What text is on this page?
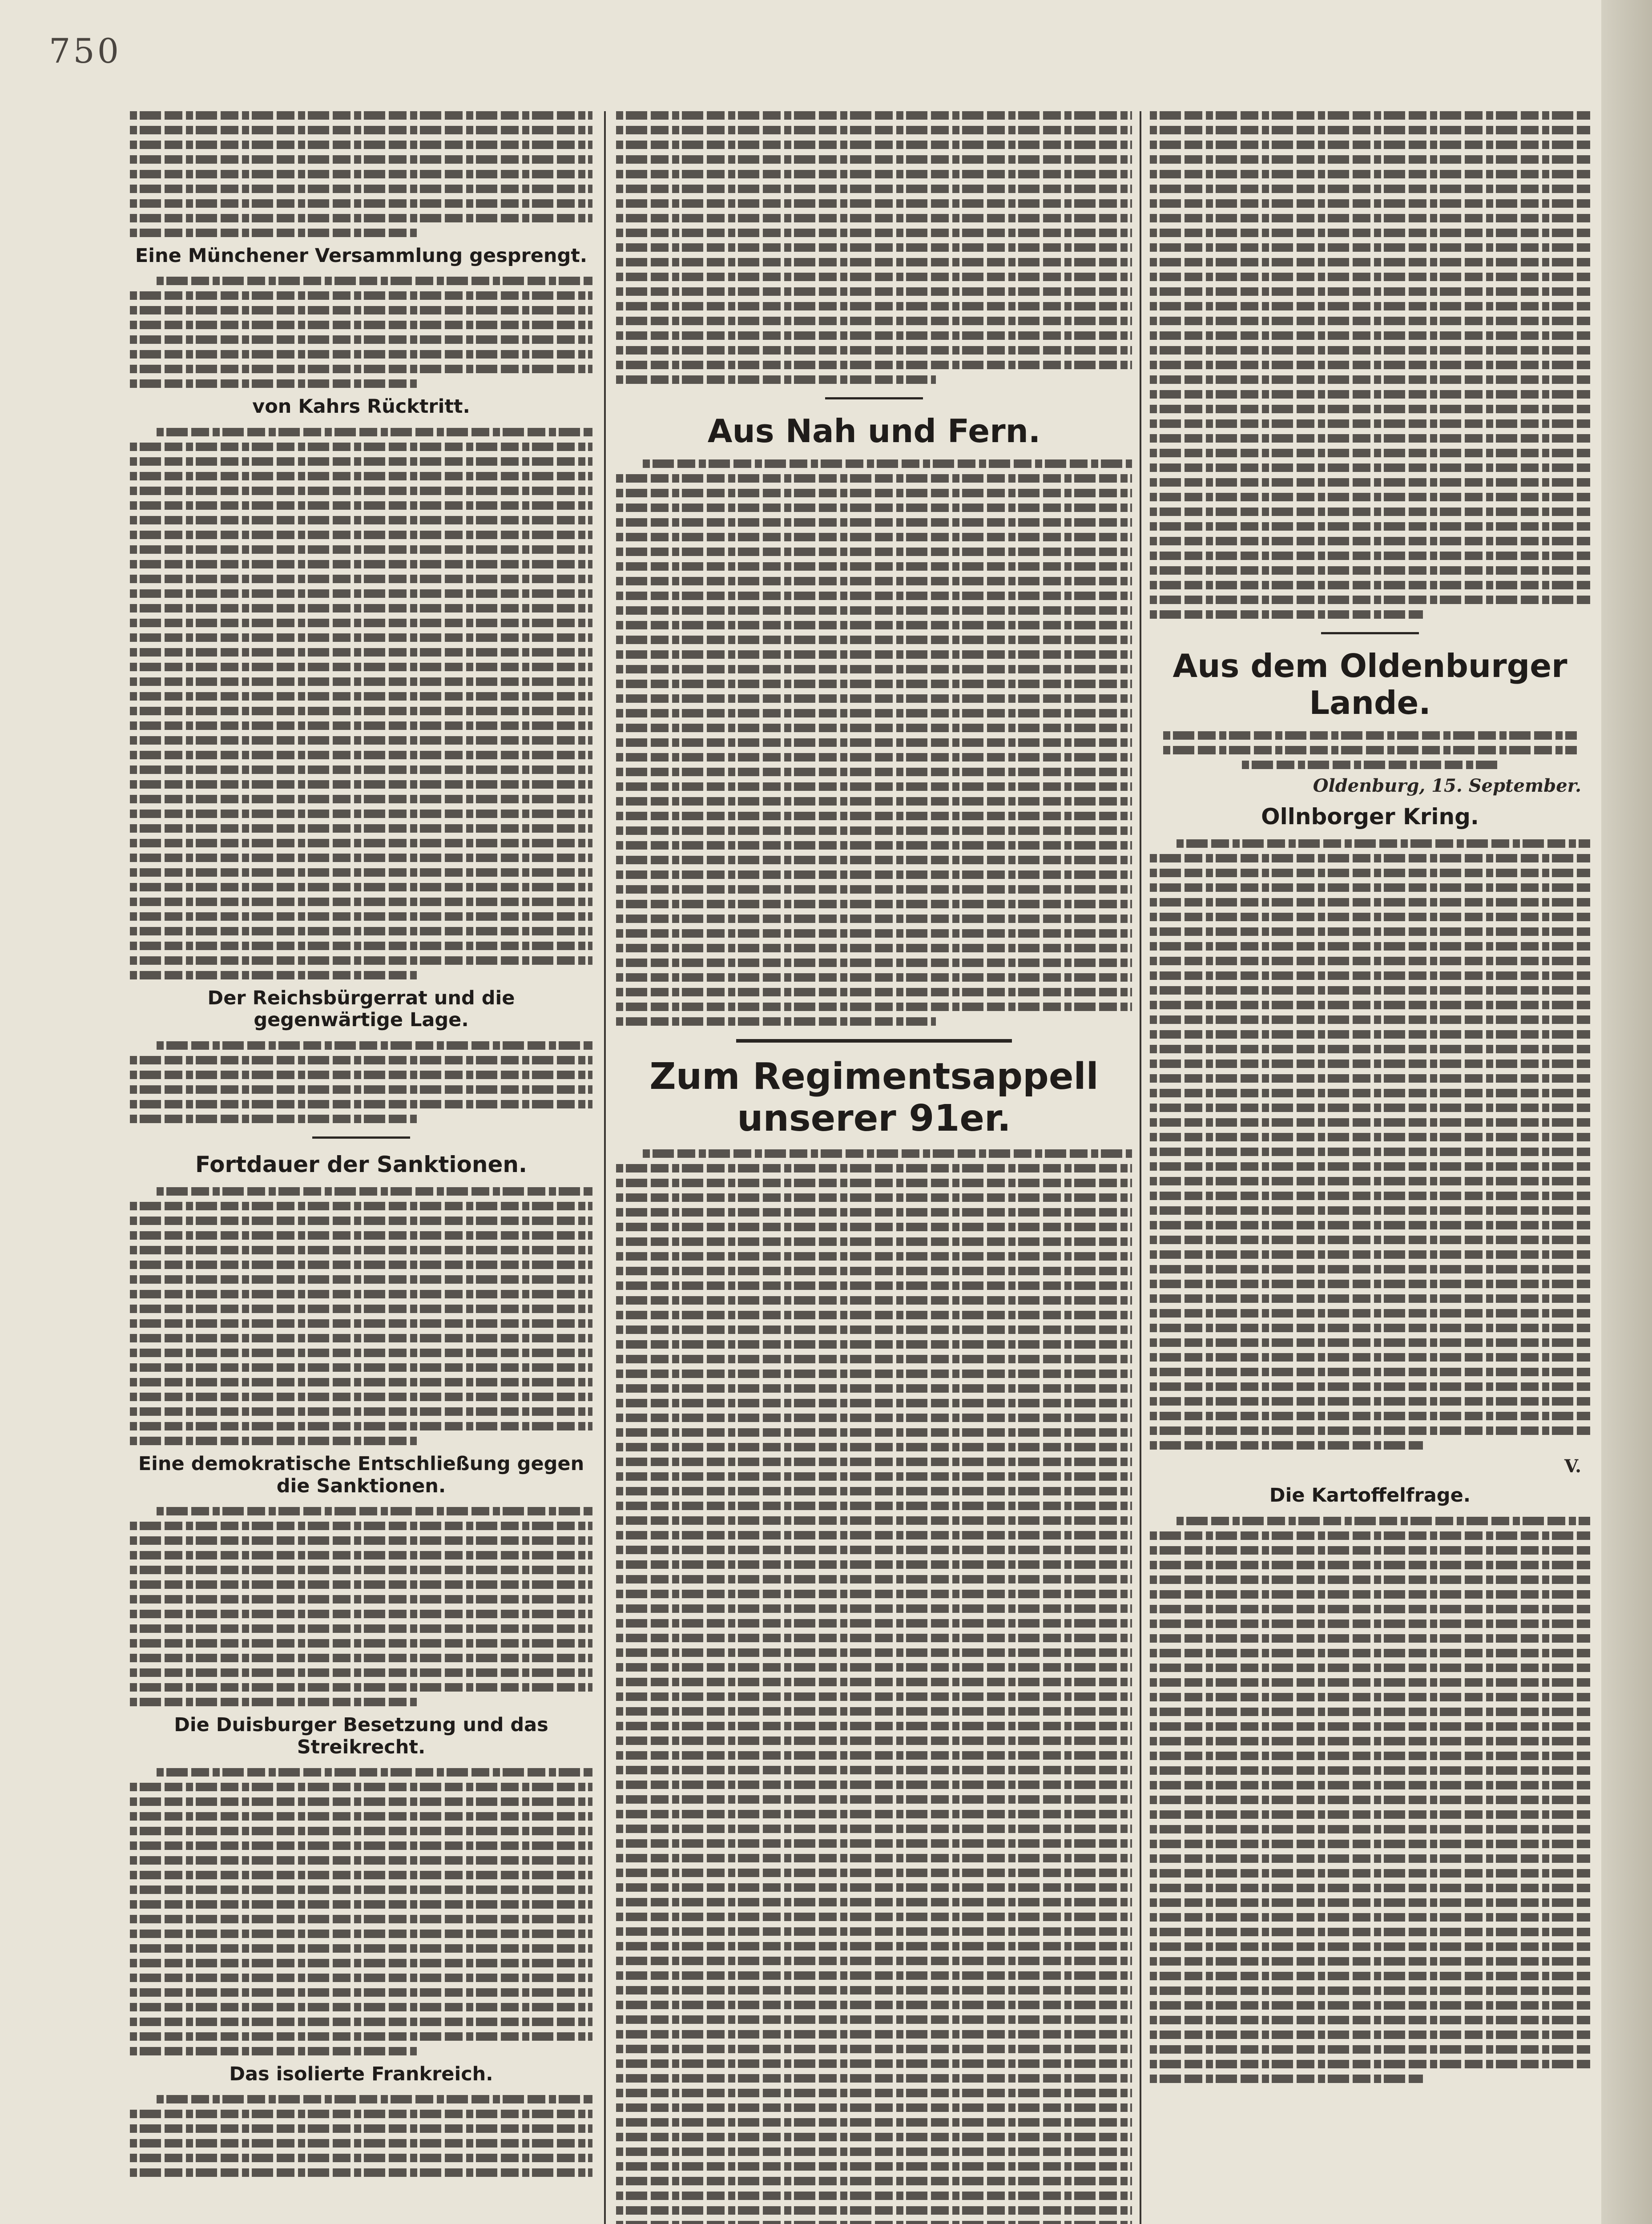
750
Eine Münchener Versammlung gesprengt.
von Kahrs Rücktritt.
Der Reichsbürgerrat und die gegenwärtige Lage.
Fortdauer der Sanktionen.
Eine demokratische Entschließung gegen die Sanktionen.
Die Duisburger Besetzung und das Streikrecht.
Das isolierte Frankreich.
Aus Nah und Fern.
Zum Regimentsappell unserer 91er.
Aus dem Oldenburger Lande.
Oldenburg, 15. September.
Ollnborger Kring.
V.
Die Kartoffelfrage.
